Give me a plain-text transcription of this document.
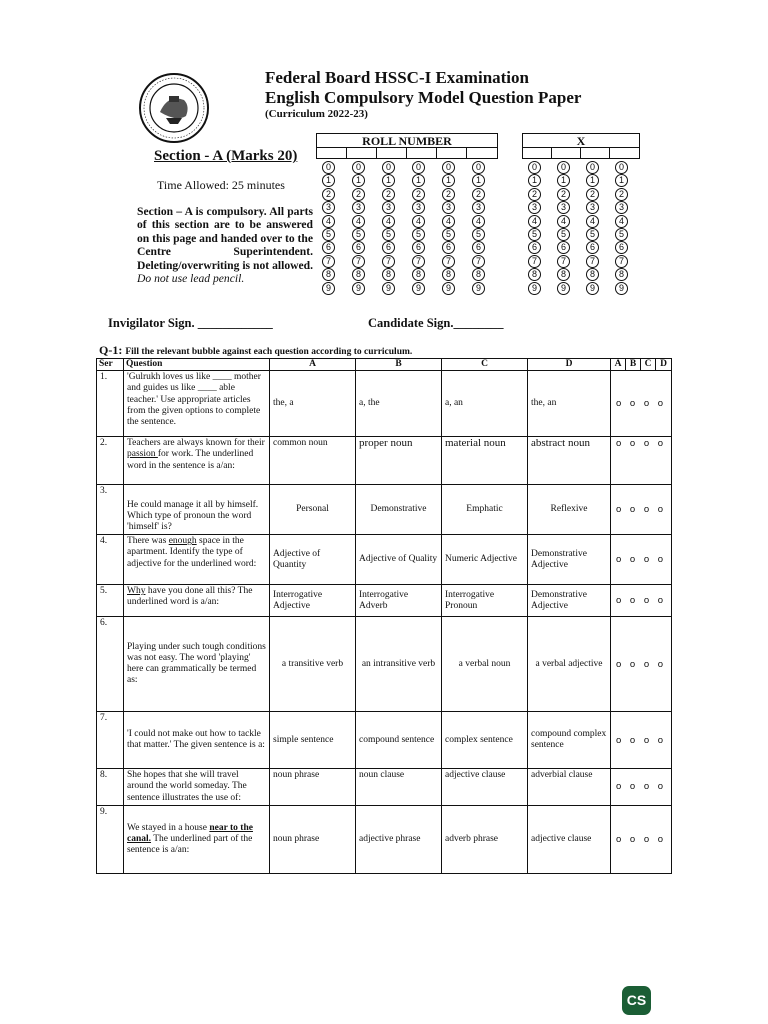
Federal Board HSSC-I Examination
English Compulsory Model Question Paper
(Curriculum 2022-23)
Section - A (Marks 20)
Time Allowed: 25 minutes
Section – A is compulsory. All parts of this section are to be answered on this page and handed over to the Centre Superintendent. Deleting/overwriting is not allowed. Do not use lead pencil.
ROLL NUMBER	X
0
1
2
3
4
5
6
7
8
9
0
1
2
3
4
5
6
7
8
9
0
1
2
3
4
5
6
7
8
9
0
1
2
3
4
5
6
7
8
9
0
1
2
3
4
5
6
7
8
9
0
1
2
3
4
5
6
7
8
9
0
1
2
3
4
5
6
7
8
9
0
1
2
3
4
5
6
7
8
9
0
1
2
3
4
5
6
7
8
9
0
1
2
3
4
5
6
7
8
9
Invigilator Sign. ____________	Candidate Sign.________
Q-1: Fill the relevant bubble against each question according to curriculum.
Ser	Question	A	B	C	D	A	B	C	D
1.	'Gulrukh loves us like ____ mother and guides us like ____ able teacher.' Use appropriate articles from the given options to complete the sentence.	the, a	a, the	a, an	the, an	o o o o			
2.	Teachers are always known for their passion for work. The underlined word in the sentence is a/an:	common noun	proper noun	material noun	abstract noun	o o o o			
3.	He could manage it all by himself. Which type of pronoun the word 'himself' is?	Personal	Demonstrative	Emphatic	Reflexive	o o o o			
4.	There was enough space in the apartment. Identify the type of adjective for the underlined word:	Adjective of Quantity	Adjective of Quality	Numeric Adjective	Demonstrative Adjective	o o o o			
5.	Why have you done all this? The underlined word is a/an:	Interrogative Adjective	Interrogative Adverb	Interrogative Pronoun	Demonstrative Adjective	o o o o			
6.	Playing under such tough conditions was not easy. The word 'playing' here can grammatically be termed as:	a transitive verb	an intransitive verb	a verbal noun	a verbal adjective	o o o o			
7.	'I could not make out how to tackle that matter.' The given sentence is a:	simple sentence	compound sentence	complex sentence	compound complex sentence	o o o o			
8.	She hopes that she will travel around the world someday. The sentence illustrates the use of:	noun phrase	noun clause	adjective clause	adverbial clause	o o o o			
9.	We stayed in a house near to the canal. The underlined part of the sentence is a/an:	noun phrase	adjective phrase	adverb phrase	adjective clause	o o o o			
CS
